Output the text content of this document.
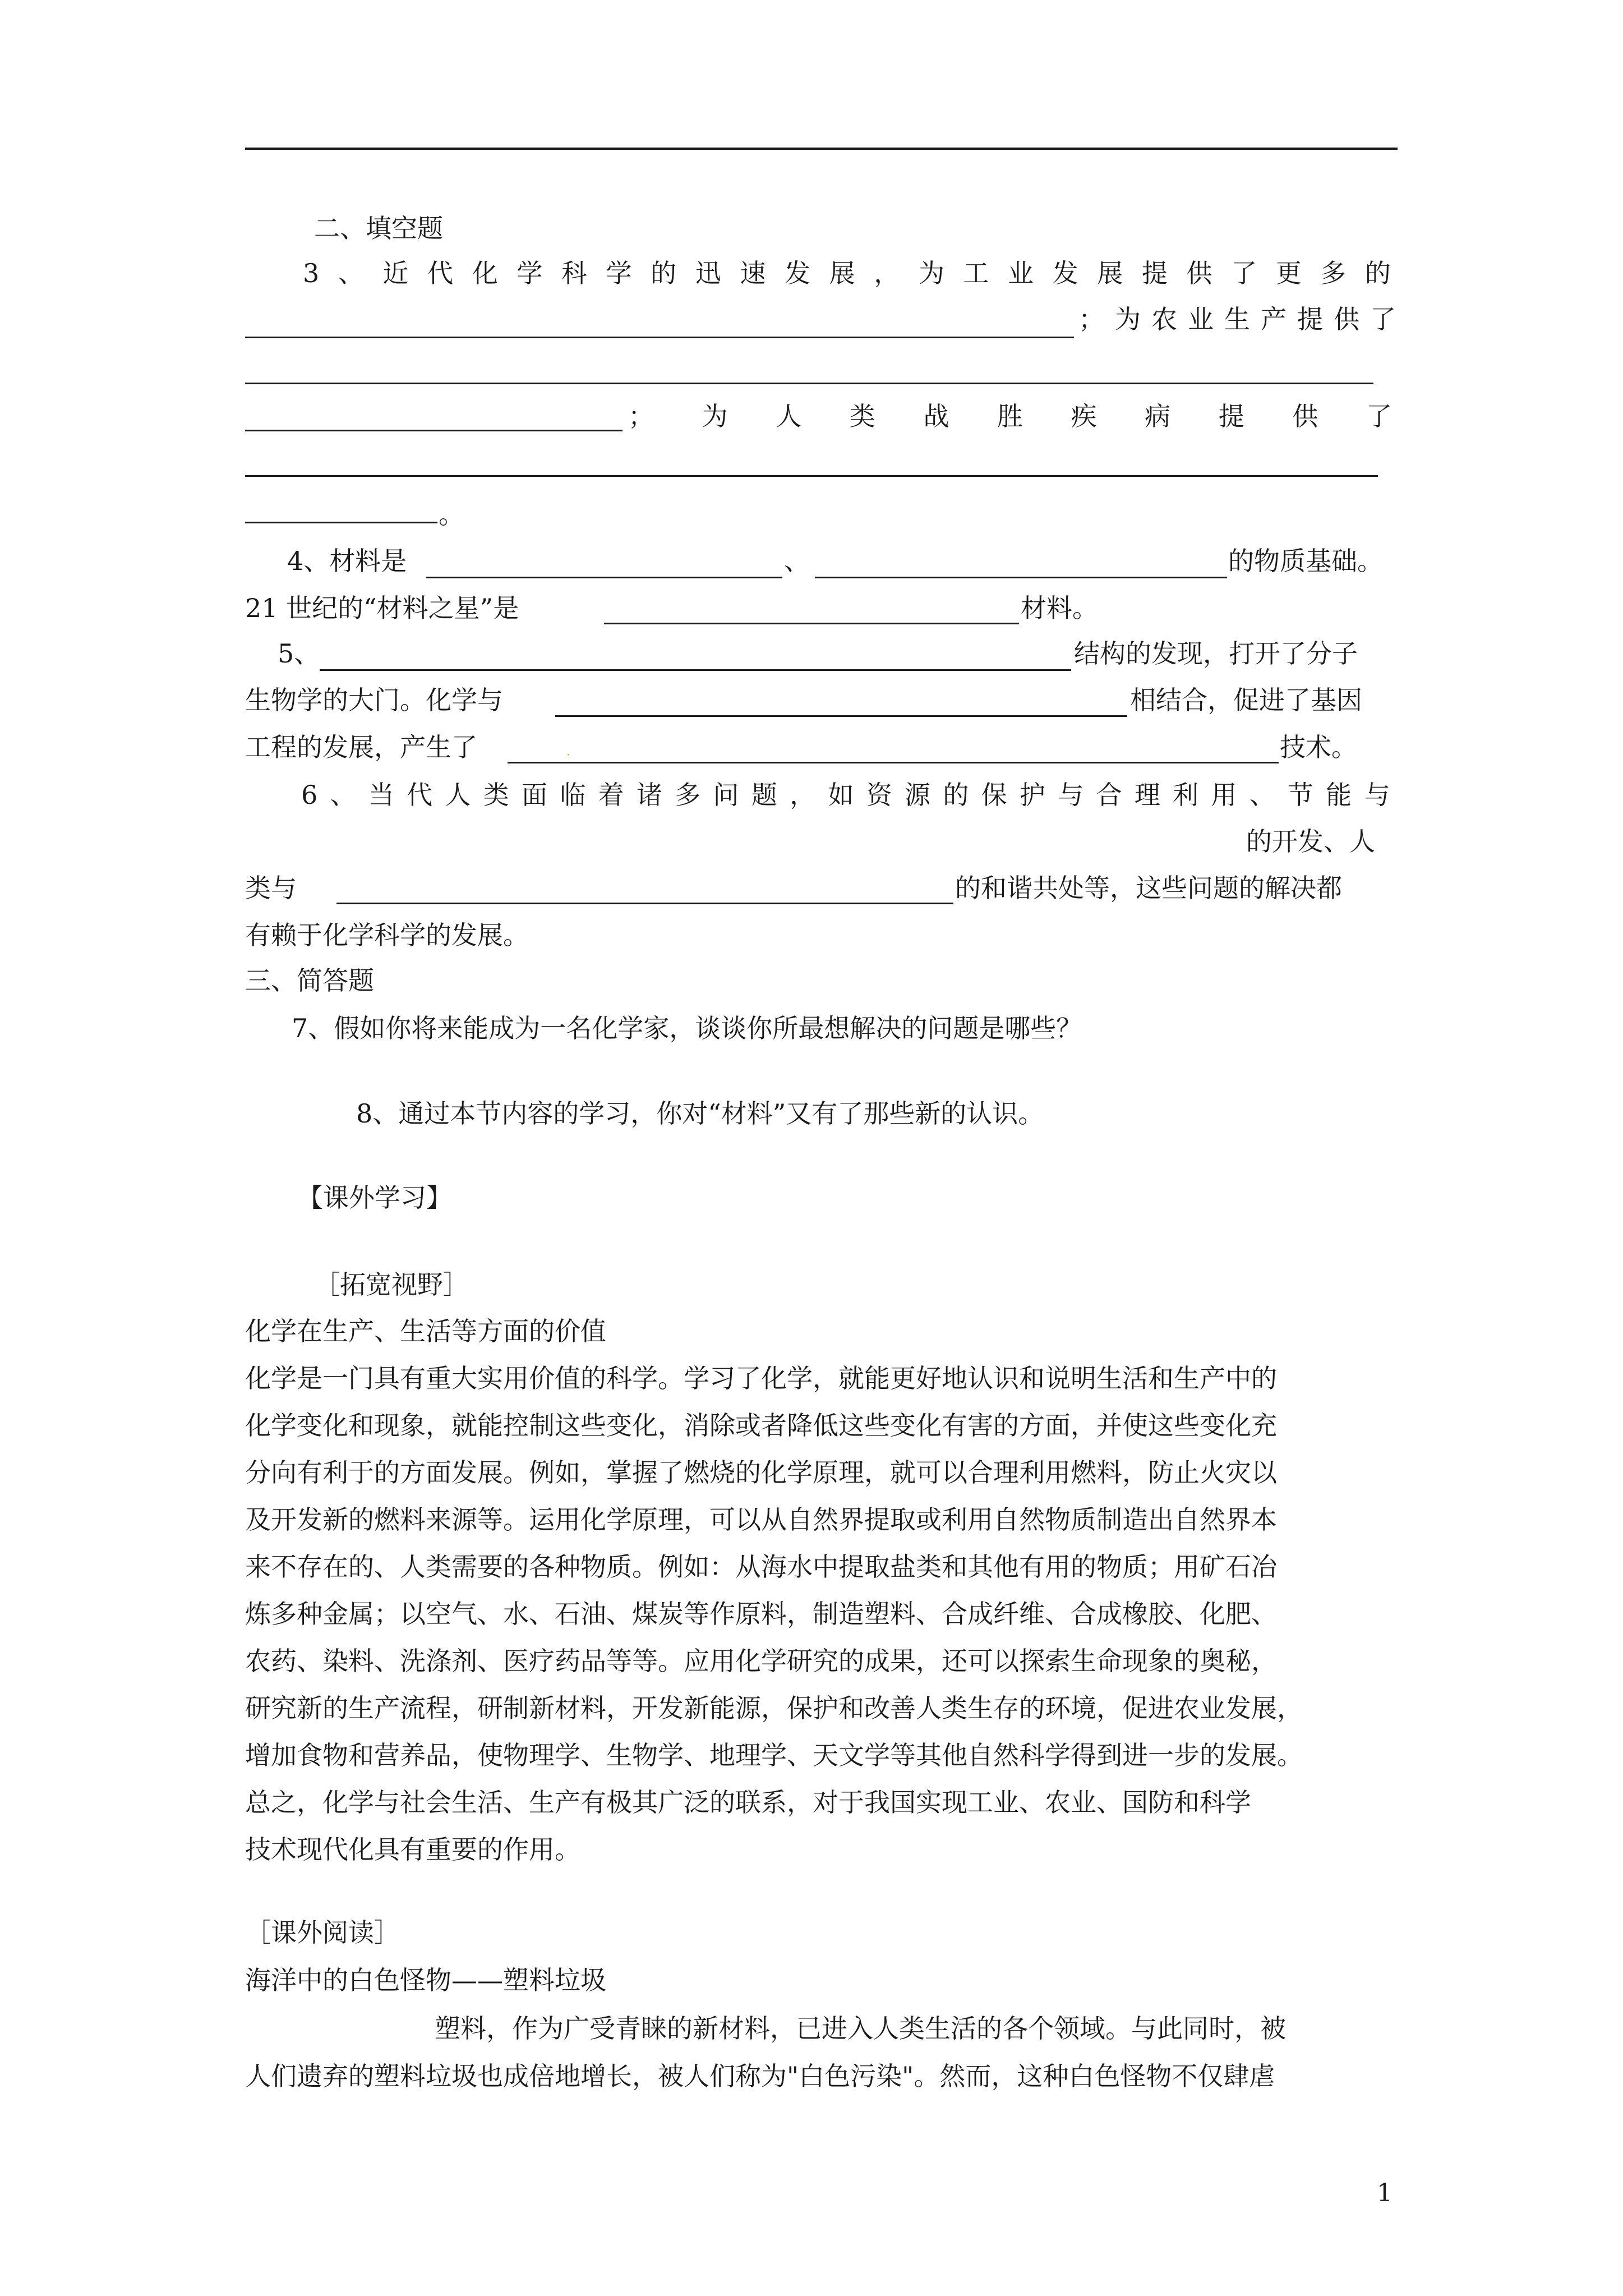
二、填空题
3 、 近 代 化 学 科 学 的 迅 速 发 展 ， 为 工 业 发 展 提 供 了 更 多 的
；为农业生产提供了
； 为 人 类 战 胜 疾 病 提 供 了
。
4、材料是	、	的物质基础。
21 世纪的“材料之星”是	材料。
5、	结构的发现，打开了分子
生物学的大门。化学与	相结合，促进了基因
工程的发展，产生了	·	技术。
6 、 当 代 人 类 面 临 着 诸 多 问 题 ， 如 资 源 的 保 护 与 合 理 利 用 、 节 能 与
的开发、人
类与	的和谐共处等，这些问题的解决都
有赖于化学科学的发展。
三、简答题
7、假如你将来能成为一名化学家，谈谈你所最想解决的问题是哪些？
8、通过本节内容的学习，你对“材料”又有了那些新的认识。
【课外学习】
［拓宽视野］
化学在生产、生活等方面的价值
化学是一门具有重大实用价值的科学。学习了化学，就能更好地认识和说明生活和生产中的
化学变化和现象，就能控制这些变化，消除或者降低这些变化有害的方面，并使这些变化充
分向有利于的方面发展。例如，掌握了燃烧的化学原理，就可以合理利用燃料，防止火灾以
及开发新的燃料来源等。运用化学原理，可以从自然界提取或利用自然物质制造出自然界本
来不存在的、人类需要的各种物质。例如：从海水中提取盐类和其他有用的物质；用矿石冶
炼多种金属；以空气、水、石油、煤炭等作原料，制造塑料、合成纤维、合成橡胶、化肥、
农药、染料、洗涤剂、医疗药品等等。应用化学研究的成果，还可以探索生命现象的奥秘，
研究新的生产流程，研制新材料，开发新能源，保护和改善人类生存的环境，促进农业发展，
增加食物和营养品，使物理学、生物学、地理学、天文学等其他自然科学得到进一步的发展。
总之，化学与社会生活、生产有极其广泛的联系，对于我国实现工业、农业、国防和科学
技术现代化具有重要的作用。
［课外阅读］
海洋中的白色怪物——塑料垃圾
塑料，作为广受青睐的新材料，已进入人类生活的各个领域。与此同时，被
人们遗弃的塑料垃圾也成倍地增长，被人们称为"白色污染"。然而，这种白色怪物不仅肆虐
1
